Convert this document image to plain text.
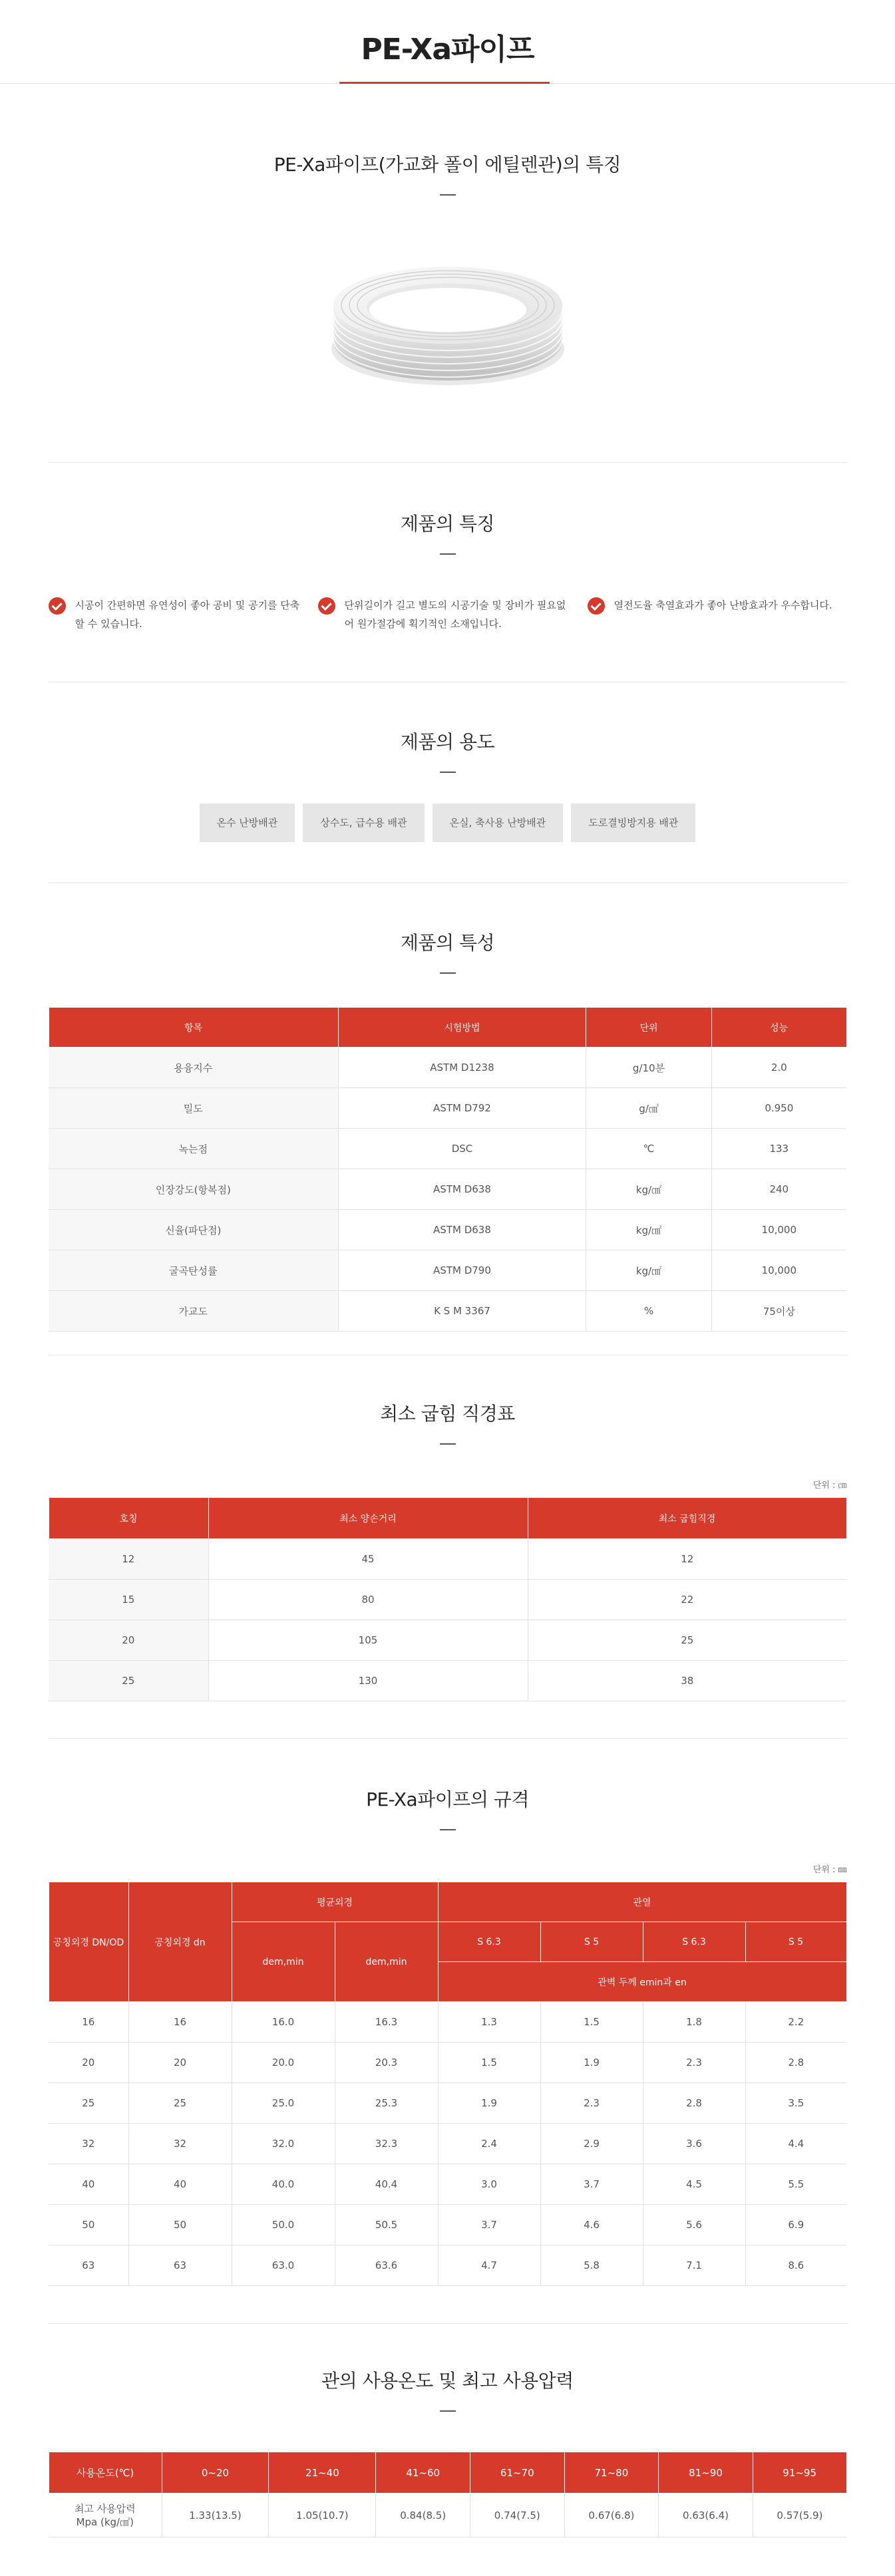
PE-Xa파이프
PE-Xa파이프(가교화 폴이 에틸렌관)의 특징
제품의 특징

시공이 간편하면 유연성이 좋아 공비 및 공기를 단축할 수 있습니다.

단위길이가 길고 별도의 시공기술 및 장비가 필요없어 원가절감에 획기적인 소재입니다.

열전도율 축열효과가 좋아 난방효과가 우수합니다.

제품의 용도
온수 난방배관	상수도, 급수용 배관	온실, 축사용 난방배관	도로결빙방지용 배관
제품의 특성
항목	시험방법	단위	성능
용융지수	ASTM D1238	g/10분	2.0
밀도	ASTM D792	g/㎤	0.950
녹는점	DSC	℃	133
인장강도(항복점)	ASTM D638	kg/㎠	240
신율(파단점)	ASTM D638	kg/㎠	10,000
굴곡탄성률	ASTM D790	kg/㎠	10,000
가교도	K S M 3367	%	75이상
최소 굽힘 직경표

단위 : ㎝

호칭	최소 양손거리	최소 굽힘직경
12	45	12
15	80	22
20	105	25
25	130	38
PE-Xa파이프의 규격

단위 : ㎜

공칭외경 DN/OD	공칭외경 dn	평균외경		관열			
		dem,min	dem,min	S 6.3	S 5	S 6.3	S 5
				관벽 두께 emin과 en			
16	16	16.0	16.3	1.3	1.5	1.8	2.2
20	20	20.0	20.3	1.5	1.9	2.3	2.8
25	25	25.0	25.3	1.9	2.3	2.8	3.5
32	32	32.0	32.3	2.4	2.9	3.6	4.4
40	40	40.0	40.4	3.0	3.7	4.5	5.5
50	50	50.0	50.5	3.7	4.6	5.6	6.9
63	63	63.0	63.6	4.7	5.8	7.1	8.6
관의 사용온도 및 최고 사용압력
사용온도(℃)	0~20	21~40	41~60	61~70	71~80	81~90	91~95
최고 사용압력
Mpa (kg/㎠)	1.33(13.5)	1.05(10.7)	0.84(8.5)	0.74(7.5)	0.67(6.8)	0.63(6.4)	0.57(5.9)
